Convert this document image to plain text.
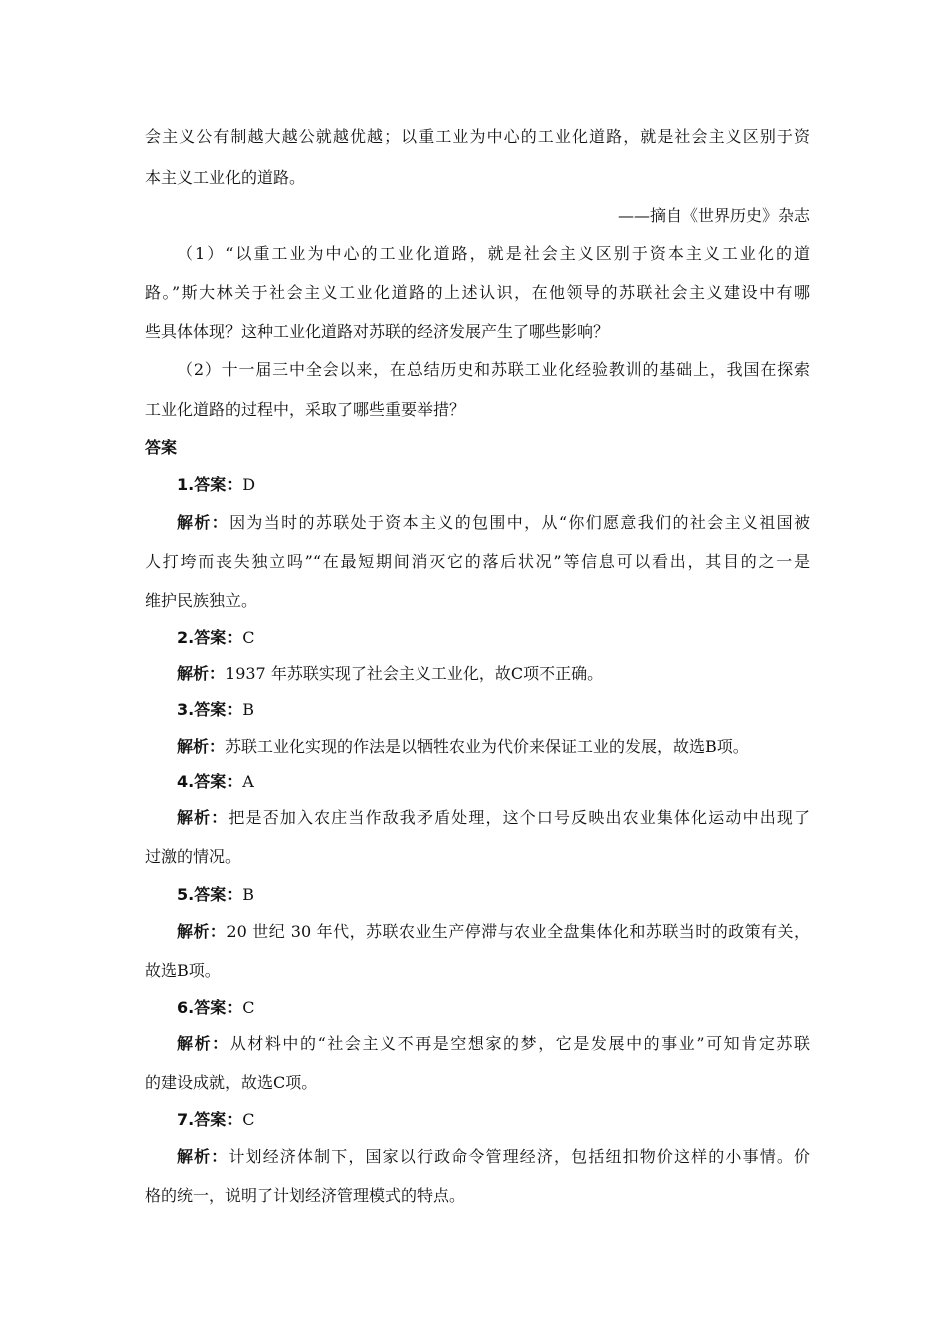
会主义公有制越大越公就越优越；以重工业为中心的工业化道路，就是社会主义区别于资
本主义工业化的道路。
——摘自《世界历史》杂志
（1）“以重工业为中心的工业化道路，就是社会主义区别于资本主义工业化的道
路。”斯大林关于社会主义工业化道路的上述认识，在他领导的苏联社会主义建设中有哪
些具体体现？这种工业化道路对苏联的经济发展产生了哪些影响？
（2）十一届三中全会以来，在总结历史和苏联工业化经验教训的基础上，我国在探索
工业化道路的过程中，采取了哪些重要举措？
答案
1.答案：D
解析：因为当时的苏联处于资本主义的包围中，从“你们愿意我们的社会主义祖国被
人打垮而丧失独立吗”“在最短期间消灭它的落后状况”等信息可以看出，其目的之一是
维护民族独立。
2.答案：C
解析：1937 年苏联实现了社会主义工业化，故C项不正确。
3.答案：B
解析：苏联工业化实现的作法是以牺牲农业为代价来保证工业的发展，故选B项。
4.答案：A
解析：把是否加入农庄当作敌我矛盾处理，这个口号反映出农业集体化运动中出现了
过激的情况。
5.答案：B
解析：20 世纪 30 年代，苏联农业生产停滞与农业全盘集体化和苏联当时的政策有关，
故选B项。
6.答案：C
解析：从材料中的“社会主义不再是空想家的梦，它是发展中的事业”可知肯定苏联
的建设成就，故选C项。
7.答案：C
解析：计划经济体制下，国家以行政命令管理经济，包括纽扣物价这样的小事情。价
格的统一，说明了计划经济管理模式的特点。
